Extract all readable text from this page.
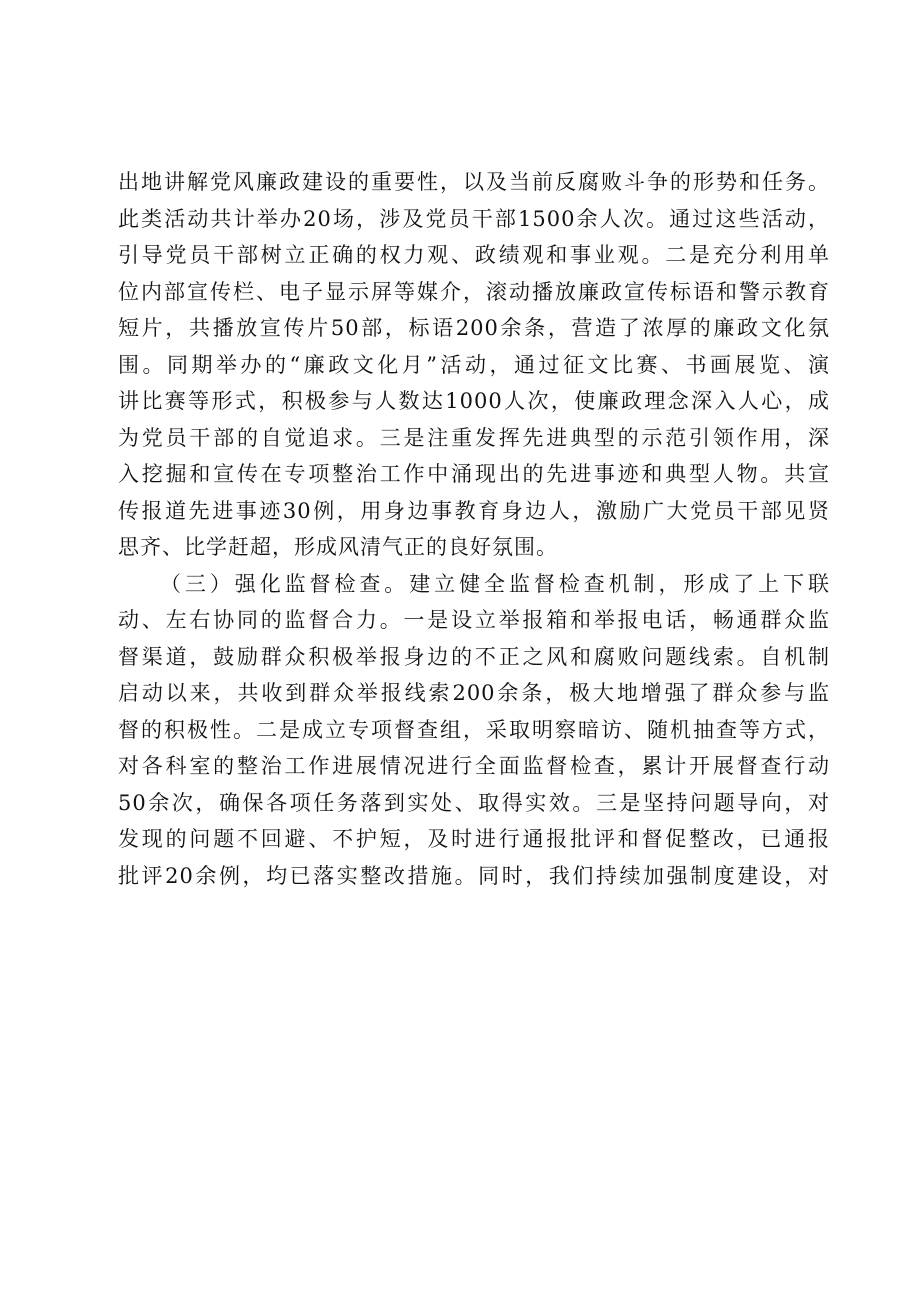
出地讲解党风廉政建设的重要性，以及当前反腐败斗争的形势和任务。
此类活动共计举办20场，涉及党员干部1500余人次。通过这些活动，
引导党员干部树立正确的权力观、政绩观和事业观。二是充分利用单
位内部宣传栏、电子显示屏等媒介，滚动播放廉政宣传标语和警示教育
短片，共播放宣传片50部，标语200余条，营造了浓厚的廉政文化氛
围。同期举办的“廉政文化月”活动，通过征文比赛、书画展览、演
讲比赛等形式，积极参与人数达1000人次，使廉政理念深入人心，成
为党员干部的自觉追求。三是注重发挥先进典型的示范引领作用，深
入挖掘和宣传在专项整治工作中涌现出的先进事迹和典型人物。共宣
传报道先进事迹30例，用身边事教育身边人，激励广大党员干部见贤
思齐、比学赶超，形成风清气正的良好氛围。
（三）强化监督检查。建立健全监督检查机制，形成了上下联
动、左右协同的监督合力。一是设立举报箱和举报电话，畅通群众监
督渠道，鼓励群众积极举报身边的不正之风和腐败问题线索。自机制
启动以来，共收到群众举报线索200余条，极大地增强了群众参与监
督的积极性。二是成立专项督查组，采取明察暗访、随机抽查等方式，
对各科室的整治工作进展情况进行全面监督检查，累计开展督查行动
50余次，确保各项任务落到实处、取得实效。三是坚持问题导向，对
发现的问题不回避、不护短，及时进行通报批评和督促整改，已通报
批评20余例，均已落实整改措施。同时，我们持续加强制度建设，对
